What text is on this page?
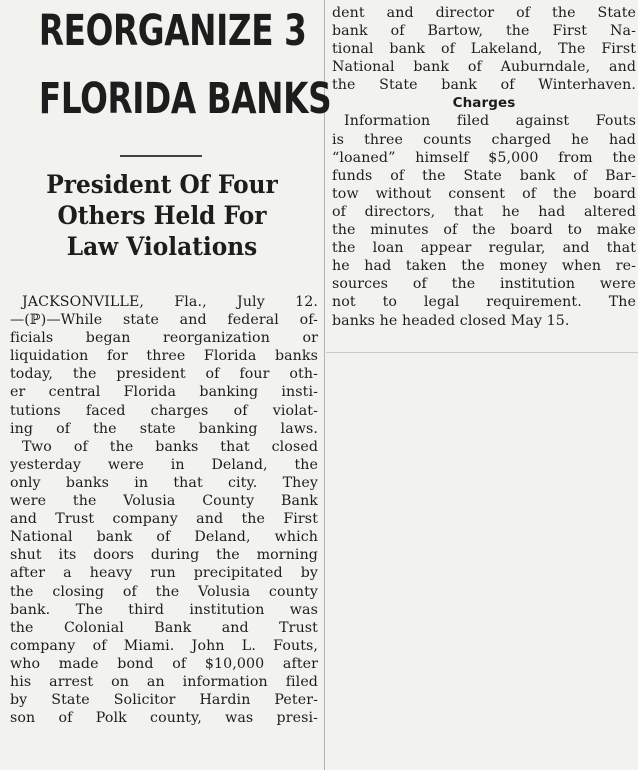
REORGANIZE 3
FLORIDA BANKS
President Of Four
Others Held For
Law Violations
JACKSONVILLE, Fla., July 12.
—(ℙ)—While state and federal of-
ficials began reorganization or
liquidation for three Florida banks
today, the president of four oth-
er central Florida banking insti-
tutions faced charges of violat-
ing of the state banking laws.
Two of the banks that closed
yesterday were in Deland, the
only banks in that city. They
were the Volusia County Bank
and Trust company and the First
National bank of Deland, which
shut its doors during the morning
after a heavy run precipitated by
the closing of the Volusia county
bank. The third institution was
the Colonial Bank and Trust
company of Miami. John L. Fouts,
who made bond of $10,000 after
his arrest on an information filed
by State Solicitor Hardin Peter-
son of Polk county, was presi-
dent and director of the State
bank of Bartow, the First Na-
tional bank of Lakeland, The First
National bank of Auburndale, and
the State bank of Winterhaven.
Charges
Information filed against Fouts
is three counts charged he had
“loaned” himself $5,000 from the
funds of the State bank of Bar-
tow without consent of the board
of directors, that he had altered
the minutes of the board to make
the loan appear regular, and that
he had taken the money when re-
sources of the institution were
not to legal requirement. The
banks he headed closed May 15.
